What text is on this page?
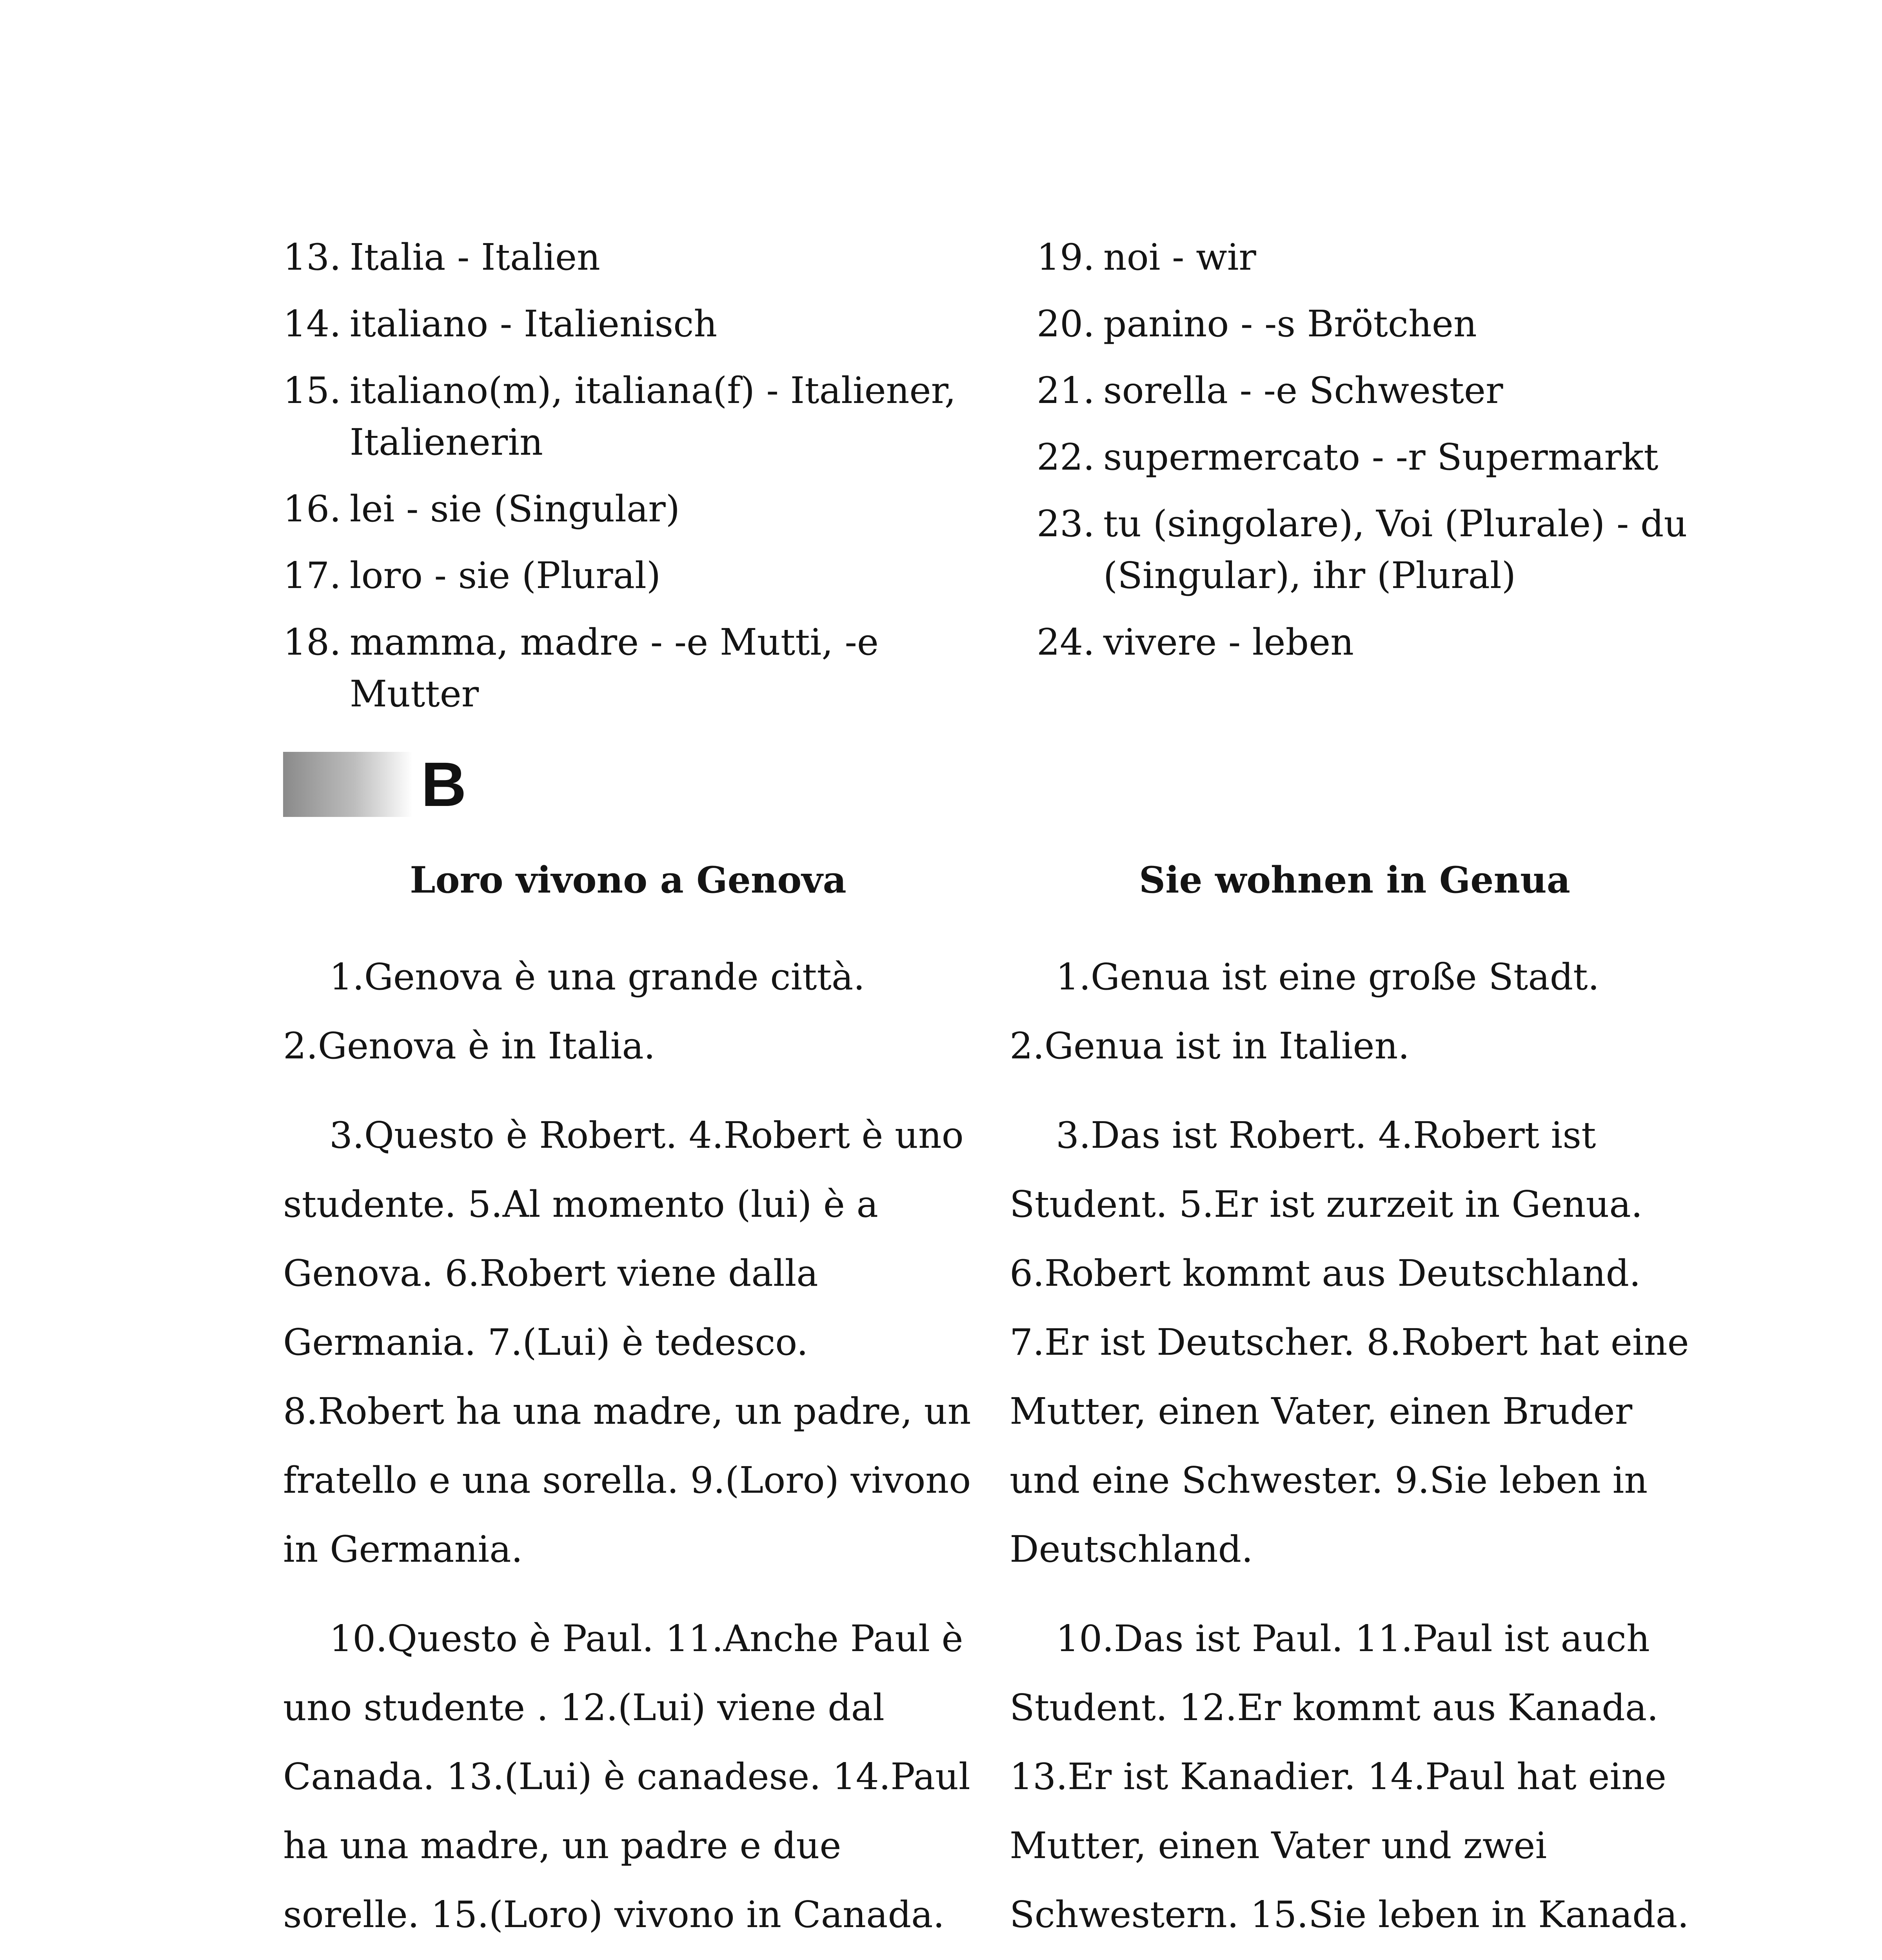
13. Italia - Italien
14. italiano - Italienisch
15. italiano(m), italiana(f) - Italiener, Italienerin
16. lei - sie (Singular)
17. loro - sie (Plural)
18. mamma, madre - -e Mutti, -e Mutter
19. noi - wir
20. panino - -s Brötchen
21. sorella - -e Schwester
22. supermercato - -r Supermarkt
23. tu (singolare), Voi (Plurale) - du (Singular), ihr (Plural)
24. vivere - leben
B
Loro vivono a Genova

1.Genova è una grande città. 2.Genova è in Italia.

3.Questo è Robert. 4.Robert è uno studente. 5.Al momento (lui) è a Genova. 6.Robert viene dalla Germania. 7.(Lui) è tedesco. 8.Robert ha una madre, un padre, un fratello e una sorella. 9.(Loro) vivono in Germania.

10.Questo è Paul. 11.Anche Paul è uno studente . 12.(Lui) viene dal Canada. 13.(Lui) è canadese. 14.Paul ha una madre, un padre e due sorelle. 15.(Loro) vivono in Canada.

Sie wohnen in Genua

1.Genua ist eine große Stadt. 2.Genua ist in Italien.

3.Das ist Robert. 4.Robert ist Student. 5.Er ist zurzeit in Genua. 6.Robert kommt aus Deutschland. 7.Er ist Deutscher. 8.Robert hat eine Mutter, einen Vater, einen Bruder und eine Schwester. 9.Sie leben in Deutschland.

10.Das ist Paul. 11.Paul ist auch Student. 12.Er kommt aus Kanada. 13.Er ist Kanadier. 14.Paul hat eine Mutter, einen Vater und zwei Schwestern. 15.Sie leben in Kanada.
